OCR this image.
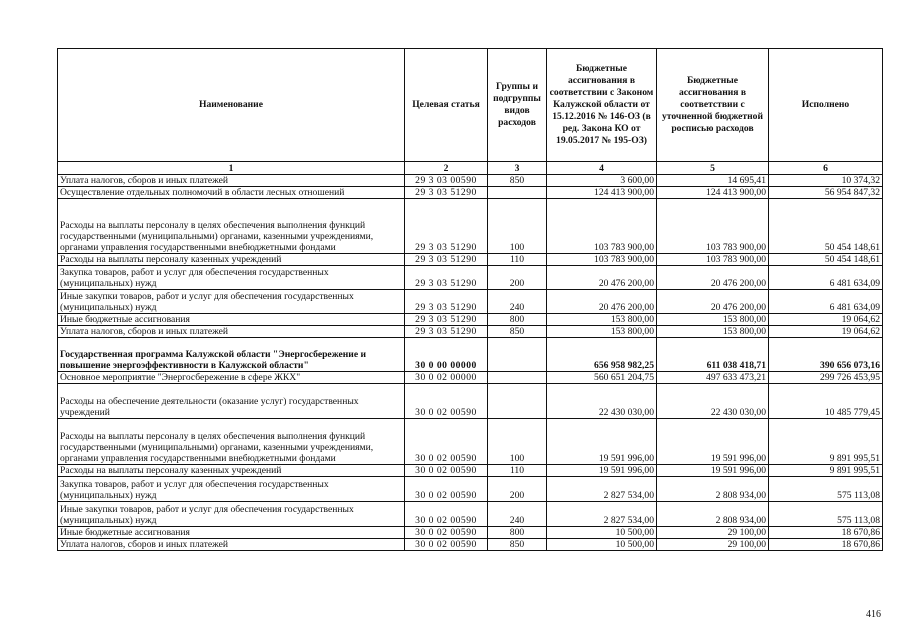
Наименование	Целевая статья	Группы и подгруппы видов расходов	Бюджетные ассигнования в соответствии с Законом Калужской области от 15.12.2016 № 146-ОЗ (в ред. Закона КО от 19.05.2017 № 195-ОЗ)	Бюджетные ассигнования в соответствии с уточненной бюджетной росписью расходов	Исполнено
1	2	3	4	5	6
Уплата налогов, сборов и иных платежей	29 3 03 00590	850	3 600,00	14 695,41	10 374,32
Осуществление отдельных полномочий в области лесных отношений	29 3 03 51290		124 413 900,00	124 413 900,00	56 954 847,32
Расходы на выплаты персоналу в целях обеспечения выполнения функций государственными (муниципальными) органами, казенными учреждениями, органами управления государственными внебюджетными фондами	29 3 03 51290	100	103 783 900,00	103 783 900,00	50 454 148,61
Расходы на выплаты персоналу казенных учреждений	29 3 03 51290	110	103 783 900,00	103 783 900,00	50 454 148,61
Закупка товаров, работ и услуг для обеспечения государственных (муниципальных) нужд	29 3 03 51290	200	20 476 200,00	20 476 200,00	6 481 634,09
Иные закупки товаров, работ и услуг для обеспечения государственных (муниципальных) нужд	29 3 03 51290	240	20 476 200,00	20 476 200,00	6 481 634,09
Иные бюджетные ассигнования	29 3 03 51290	800	153 800,00	153 800,00	19 064,62
Уплата налогов, сборов и иных платежей	29 3 03 51290	850	153 800,00	153 800,00	19 064,62
Государственная программа Калужской области "Энергосбережение и повышение энергоэффективности в Калужской области"	30 0 00 00000		656 958 982,25	611 038 418,71	390 656 073,16
Основное мероприятие "Энергосбережение в сфере ЖКХ"	30 0 02 00000		560 651 204,75	497 633 473,21	299 726 453,95
Расходы на обеспечение деятельности (оказание услуг) государственных учреждений	30 0 02 00590		22 430 030,00	22 430 030,00	10 485 779,45
Расходы на выплаты персоналу в целях обеспечения выполнения функций государственными (муниципальными) органами, казенными учреждениями, органами управления государственными внебюджетными фондами	30 0 02 00590	100	19 591 996,00	19 591 996,00	9 891 995,51
Расходы на выплаты персоналу казенных учреждений	30 0 02 00590	110	19 591 996,00	19 591 996,00	9 891 995,51
Закупка товаров, работ и услуг для обеспечения государственных (муниципальных) нужд	30 0 02 00590	200	2 827 534,00	2 808 934,00	575 113,08
Иные закупки товаров, работ и услуг для обеспечения государственных (муниципальных) нужд	30 0 02 00590	240	2 827 534,00	2 808 934,00	575 113,08
Иные бюджетные ассигнования	30 0 02 00590	800	10 500,00	29 100,00	18 670,86
Уплата налогов, сборов и иных платежей	30 0 02 00590	850	10 500,00	29 100,00	18 670,86
416
